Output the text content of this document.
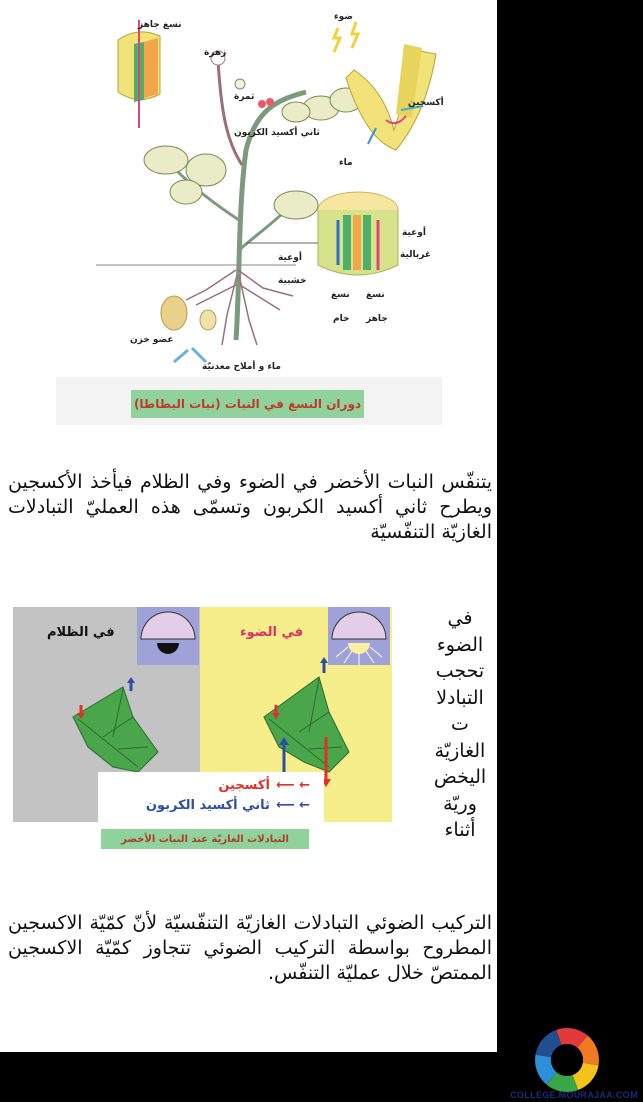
نسغ جاهز
زهرة
ثمرة
ضوء
أكسجين
ثاني أكسيد الكربون
ماء
أوعية
غربالية
أوعية
خشبية
نسغ
خام
نسغ
جاهز
عضو خزن
ماء و أملاح معدنيّة
دوران النسغ في النبات (نبات البطاطا)
يتنفّس النبات الأخضر في الضوء وفي الظلام فيأخذ الأكسجين ويطرح ثاني أكسيد الكربون وتسمّى هذه العمليّ التبادلات الغازيّة التنفّسيّة
في الظلام	في الضوء
← ⟵
أكسجين
← ⟵
ثاني أكسيد الكربون
التبادلات الغازيّة عند النبات الأخضر
في
الضوء
تحجب
التبادلا
ت
الغازيّة
اليخض
وريّة
أثناء
التركيب الضوئي التبادلات الغازيّة التنفّسيّة لأنّ كمّيّة الاكسجين المطروح بواسطة التركيب الضوئي تتجاوز كمّيّة الاكسجين الممتصّ خلال عمليّة التنفّس.
COLLEGE.MOURAJAA.COM
